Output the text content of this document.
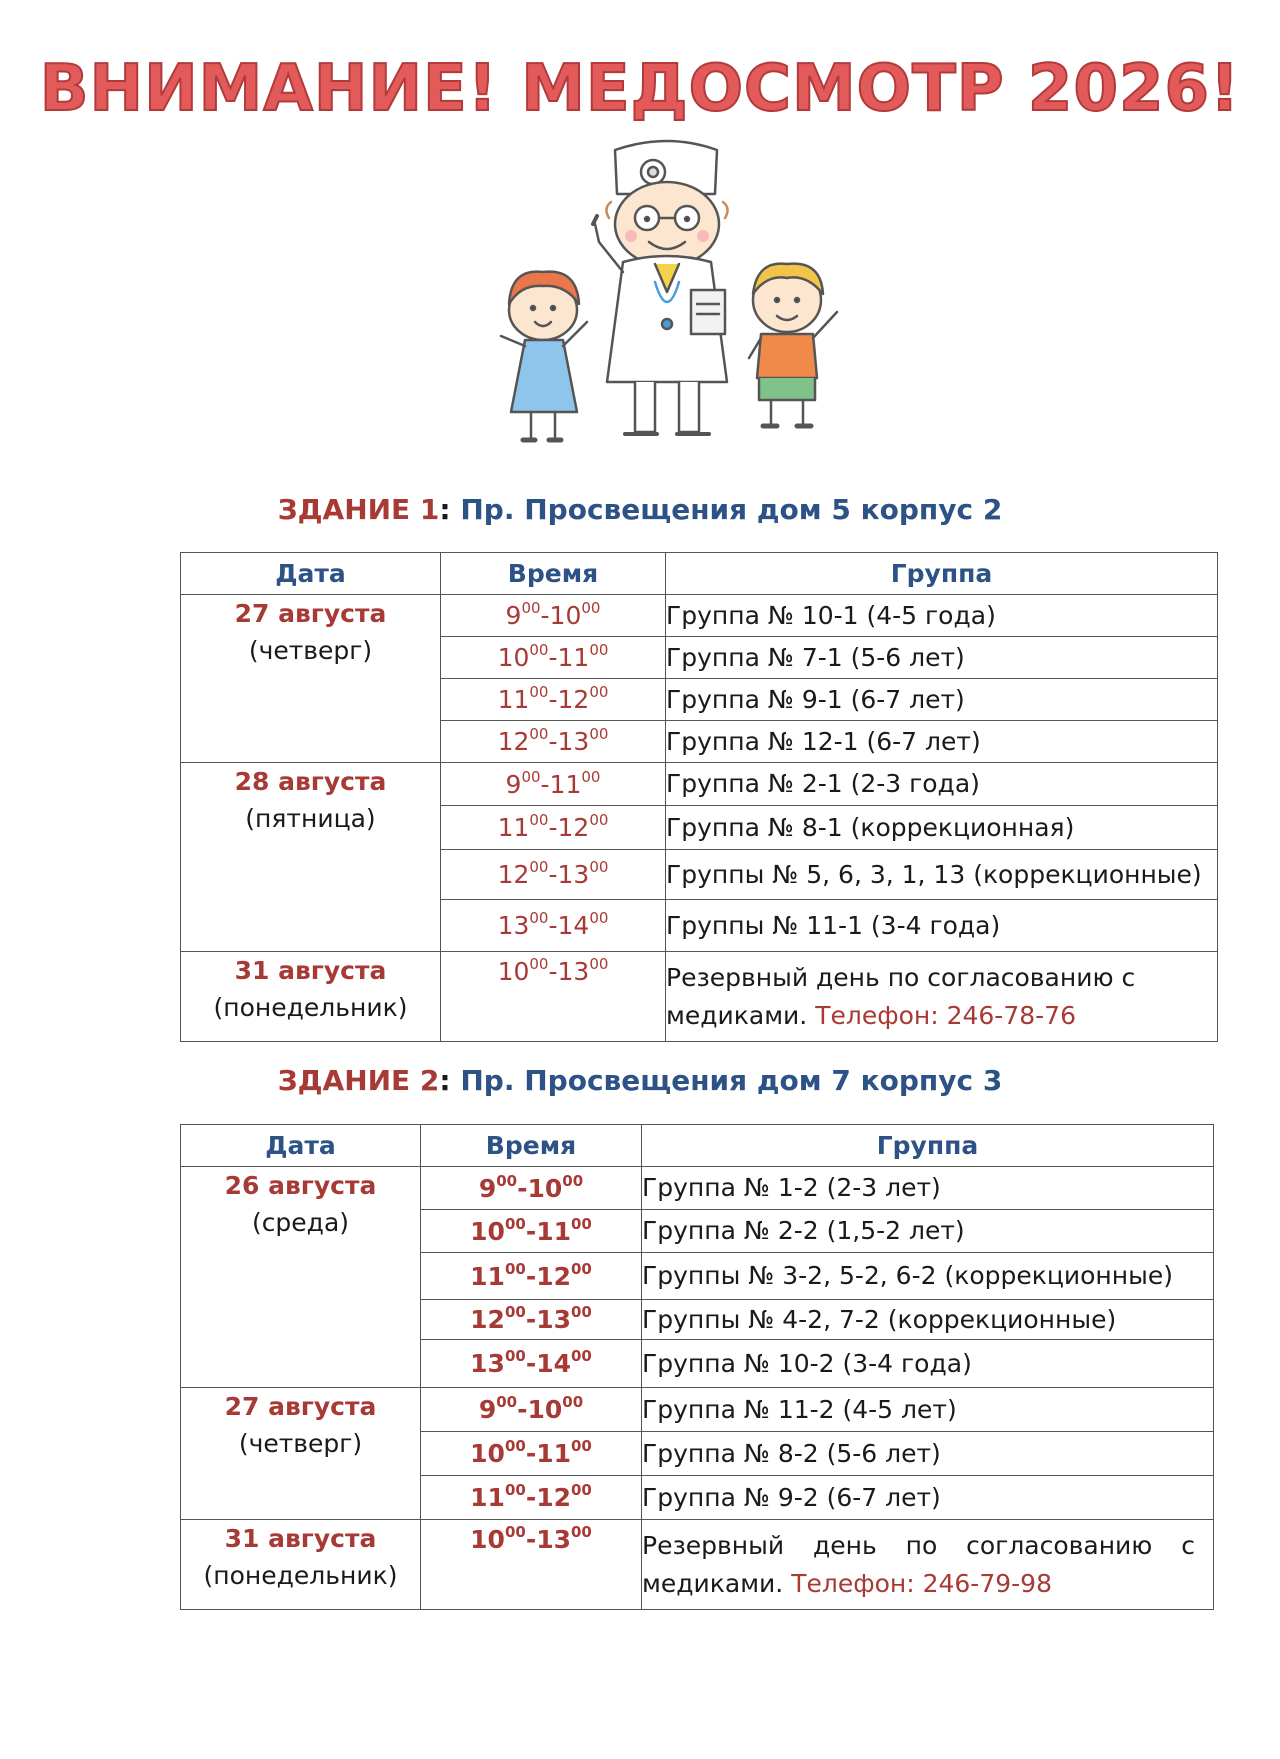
ВНИМАНИЕ! МЕДОСМОТР 2026!
ЗДАНИЕ 1: Пр. Просвещения дом 5 корпус 2
Дата	Время	Группа

27 августа
(четверг)	$9^{00}-10^{00}$	Группа № 10-1 (4-5 года)
	$10^{00}-11^{00}$	Группа № 7-1 (5-6 лет)
	$11^{00}-12^{00}$	Группа № 9-1 (6-7 лет)
	$12^{00}-13^{00}$	Группа № 12-1 (6-7 лет)

28 августа
(пятница)	$9^{00}-11^{00}$	Группа № 2-1 (2-3 года)
	$11^{00}-12^{00}$	Группа № 8-1 (коррекционная)
	$12^{00}-13^{00}$	Группы № 5, 6, 3, 1, 13 (коррекционные)
	$13^{00}-14^{00}$	Группы № 11-1 (3-4 года)

31 августа
(понедельник)	$10^{00}-13^{00}$	Резервный день по согласованию с медиками. Телефон: 246-78-76
ЗДАНИЕ 2: Пр. Просвещения дом 7 корпус 3
Дата	Время	Группа

26 августа
(среда)	$9^{00}-10^{00}$	Группа № 1-2 (2-3 лет)
	$10^{00}-11^{00}$	Группа № 2-2 (1,5-2 лет)
	$11^{00}-12^{00}$	Группы № 3-2, 5-2, 6-2 (коррекционные)
	$12^{00}-13^{00}$	Группы № 4-2, 7-2 (коррекционные)
	$13^{00}-14^{00}$	Группа № 10-2 (3-4 года)

27 августа
(четверг)	$9^{00}-10^{00}$	Группа № 11-2 (4-5 лет)
	$10^{00}-11^{00}$	Группа № 8-2 (5-6 лет)
	$11^{00}-12^{00}$	Группа № 9-2 (6-7 лет)

31 августа
(понедельник)	$10^{00}-13^{00}$	Резервный день по согласованию с медиками. Телефон: 246-79-98
